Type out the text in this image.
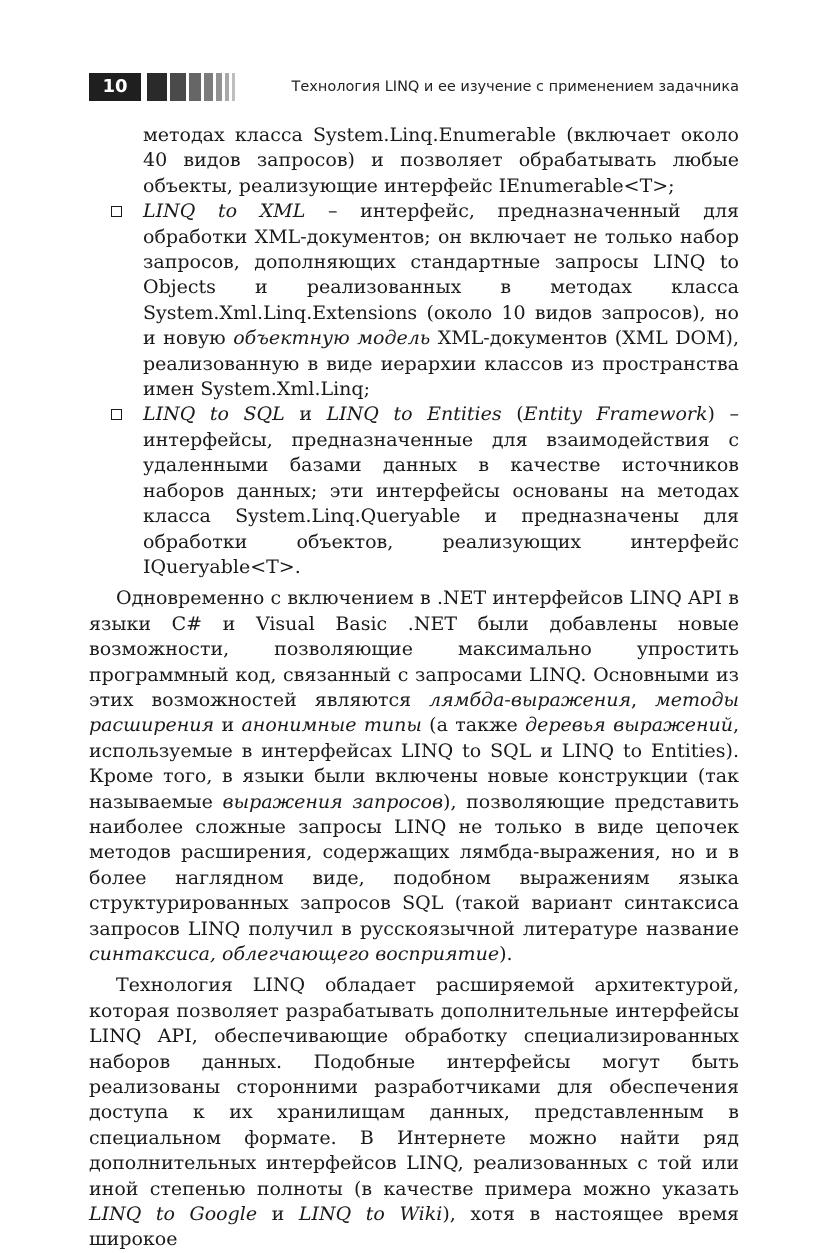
10	Технология LINQ и ее изучение с применением задачника

методах класса System.Linq.Enumerable (включает около 40 видов запросов) и позволяет обрабатывать любые объекты, реализующие интерфейс IEnumerable<T>;

LINQ to XML – интерфейс, предназначенный для обработки XML-документов; он включает не только набор запросов, дополняющих стандартные запросы LINQ to Objects и реализованных в методах класса System.Xml.Linq.Extensions (около 10 видов запросов), но и новую объектную модель XML-документов (XML DOM), реализованную в виде иерархии классов из пространства имен System.Xml.Linq;

LINQ to SQL и LINQ to Entities (Entity Framework) – интерфейсы, предназначенные для взаимодействия с удаленными базами данных в качестве источников наборов данных; эти интерфейсы основаны на методах класса System.Linq.Queryable и предназначены для обработки объектов, реализующих интерфейс IQueryable<T>.

Одновременно с включением в .NET интерфейсов LINQ API в языки C# и Visual Basic .NET были добавлены новые возможности, позволяющие максимально упростить программный код, связанный с запросами LINQ. Основными из этих возможностей являются лямбда-выражения, методы расширения и анонимные типы (а также деревья выражений, используемые в интерфейсах LINQ to SQL и LINQ to Entities). Кроме того, в языки были включены новые конструкции (так называемые выражения запросов), позволяющие представить наиболее сложные запросы LINQ не только в виде цепочек методов расширения, содержащих лямбда-выражения, но и в более наглядном виде, подобном выражениям языка структурированных запросов SQL (такой вариант синтаксиса запросов LINQ получил в русскоязычной литературе название синтаксиса, облегчающего восприятие).

Технология LINQ обладает расширяемой архитектурой, которая позволяет разрабатывать дополнительные интерфейсы LINQ API, обеспечивающие обработку специализированных наборов данных. Подобные интерфейсы могут быть реализованы сторонними разработчиками для обеспечения доступа к их хранилищам данных, представленным в специальном формате. В Интернете можно найти ряд дополнительных интерфейсов LINQ, реализованных с той или иной степенью полноты (в качестве примера можно указать LINQ to Google и LINQ to Wiki), хотя в настоящее время широкое
